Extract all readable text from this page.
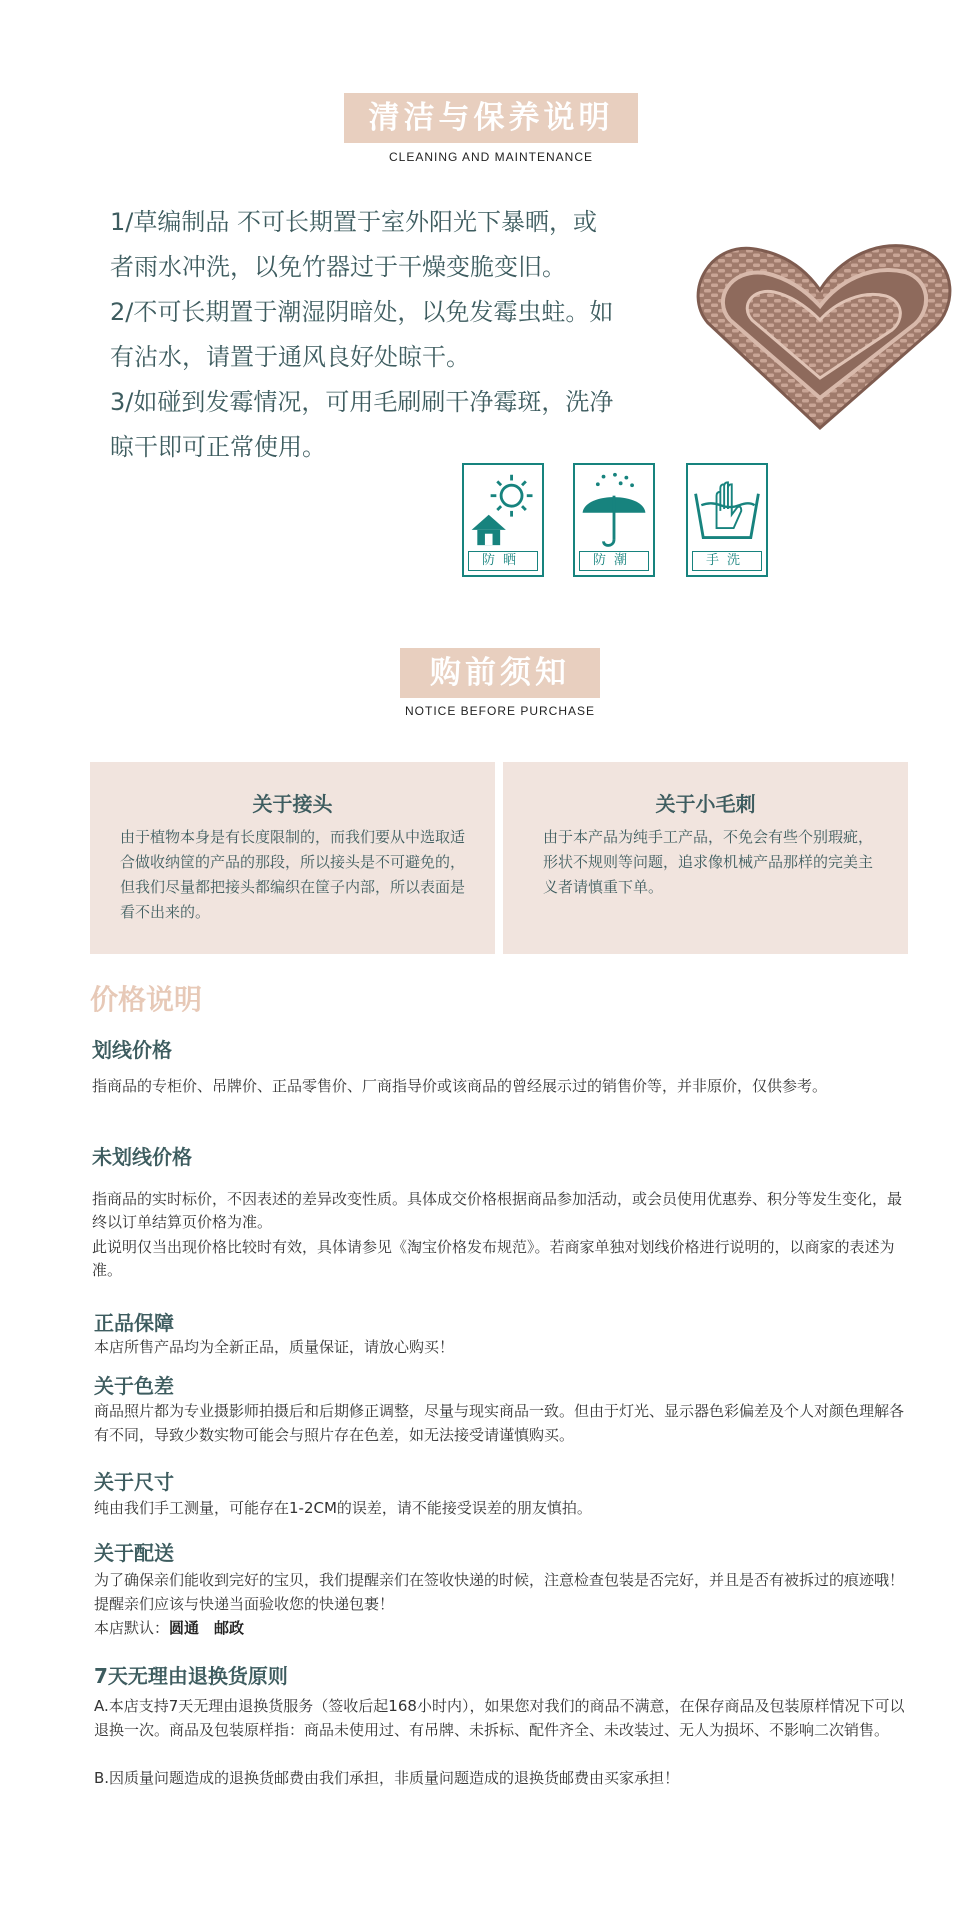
清洁与保养说明
CLEANING AND MAINTENANCE

1/草编制品 不可长期置于室外阳光下暴晒，或

者雨水冲洗，以免竹器过于干燥变脆变旧。

2/不可长期置于潮湿阴暗处，以免发霉虫蛀。如

有沾水，请置于通风良好处晾干。

3/如碰到发霉情况，可用毛刷刷干净霉斑，洗净

晾干即可正常使用。

防晒	防潮	手洗
购前须知
NOTICE BEFORE PURCHASE
关于接头

由于植物本身是有长度限制的，而我们要从中选取适合做收纳筐的产品的那段，所以接头是不可避免的，但我们尽量都把接头都编织在筐子内部，所以表面是看不出来的。

关于小毛刺

由于本产品为纯手工产品，不免会有些个别瑕疵，形状不规则等问题，追求像机械产品那样的完美主义者请慎重下单。

价格说明
划线价格
指商品的专柜价、吊牌价、正品零售价、厂商指导价或该商品的曾经展示过的销售价等，并非原价，仅供参考。
未划线价格
指商品的实时标价，不因表述的差异改变性质。具体成交价格根据商品参加活动，或会员使用优惠券、积分等发生变化，最终以订单结算页价格为准。
此说明仅当出现价格比较时有效，具体请参见《淘宝价格发布规范》。若商家单独对划线价格进行说明的，以商家的表述为准。
正品保障
本店所售产品均为全新正品，质量保证，请放心购买！
关于色差
商品照片都为专业摄影师拍摄后和后期修正调整，尽量与现实商品一致。但由于灯光、显示器色彩偏差及个人对颜色理解各有不同，导致少数实物可能会与照片存在色差，如无法接受请谨慎购买。
关于尺寸
纯由我们手工测量，可能存在1-2CM的误差，请不能接受误差的朋友慎拍。
关于配送
为了确保亲们能收到完好的宝贝，我们提醒亲们在签收快递的时候，注意检查包装是否完好，并且是否有被拆过的痕迹哦！提醒亲们应该与快递当面验收您的快递包裹！
本店默认：圆通　邮政
7天无理由退换货原则
A.本店支持7天无理由退换货服务（签收后起168小时内），如果您对我们的商品不满意，在保存商品及包装原样情况下可以退换一次。商品及包装原样指：商品未使用过、有吊牌、未拆标、配件齐全、未改装过、无人为损坏、不影响二次销售。
B.因质量问题造成的退换货邮费由我们承担，非质量问题造成的退换货邮费由买家承担！
